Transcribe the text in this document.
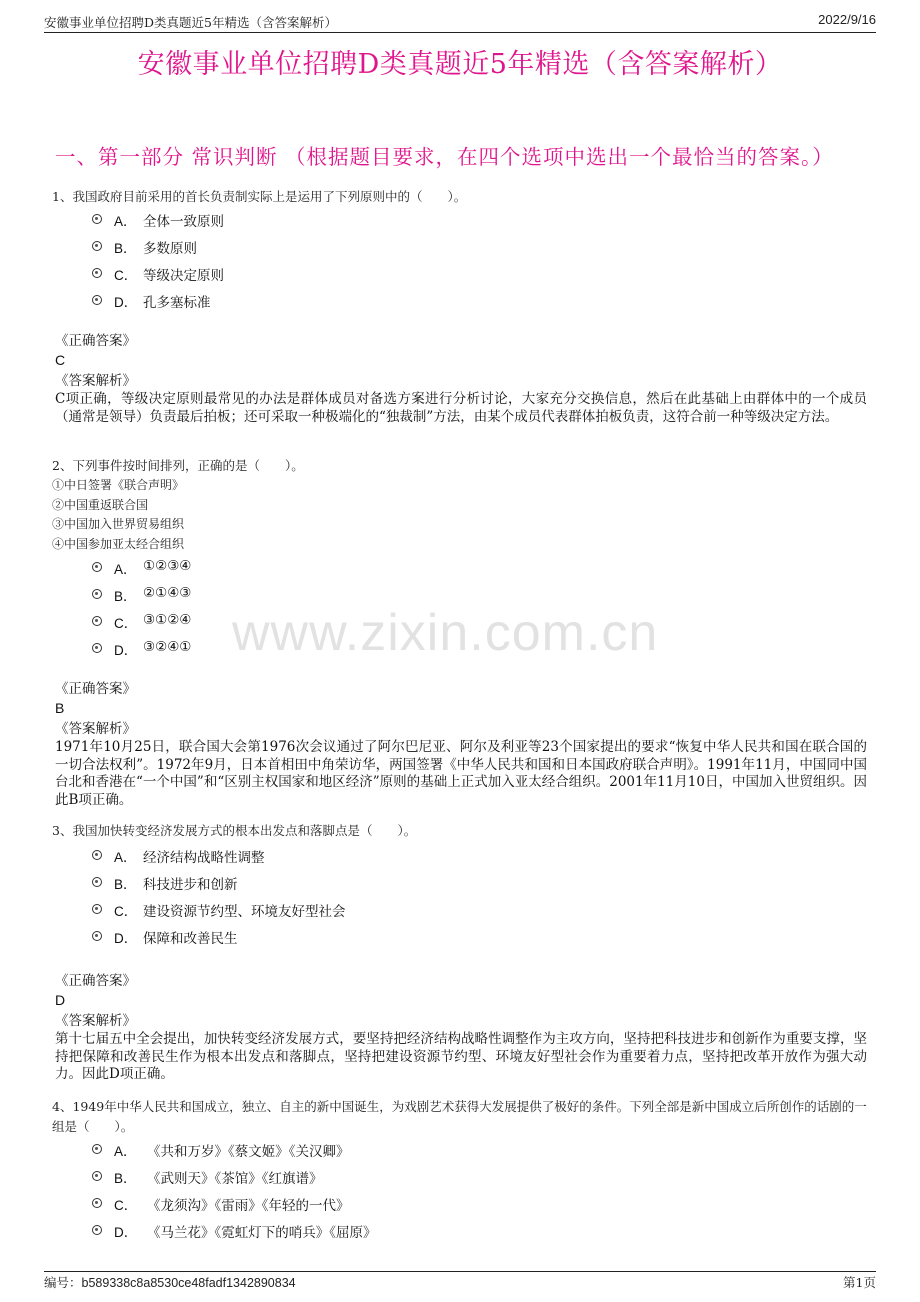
安徽事业单位招聘D类真题近5年精选（含答案解析）	2022/9/16
安徽事业单位招聘D类真题近5年精选（含答案解析）
一、第一部分 常识判断 （根据题目要求，在四个选项中选出一个最恰当的答案。）
www.zixin.com.cn
1、我国政府目前采用的首长负责制实际上是运用了下列原则中的（　　）。
A． 全体一致原则
B． 多数原则
C． 等级决定原则
D． 孔多塞标准
《正确答案》
C
《答案解析》
C项正确，等级决定原则最常见的办法是群体成员对备选方案进行分析讨论，大家充分交换信息，然后在此基础上由群体中的一个成员（通常是领导）负责最后拍板；还可采取一种极端化的“独裁制”方法，由某个成员代表群体拍板负责，这符合前一种等级决定方法。
2、下列事件按时间排列，正确的是（　　）。
①中日签署《联合声明》
②中国重返联合国
③中国加入世界贸易组织
④中国参加亚太经合组织
A． ①②③④
B． ②①④③
C． ③①②④
D． ③②④①
《正确答案》
B
《答案解析》
1971年10月25日，联合国大会第1976次会议通过了阿尔巴尼亚、阿尔及利亚等23个国家提出的要求“恢复中华人民共和国在联合国的一切合法权利”。1972年9月，日本首相田中角荣访华，两国签署《中华人民共和国和日本国政府联合声明》。1991年11月，中国同中国台北和香港在“一个中国”和“区别主权国家和地区经济”原则的基础上正式加入亚太经合组织。2001年11月10日，中国加入世贸组织。因此B项正确。
3、我国加快转变经济发展方式的根本出发点和落脚点是（　　）。
A． 经济结构战略性调整
B． 科技进步和创新
C． 建设资源节约型、环境友好型社会
D． 保障和改善民生
《正确答案》
D
《答案解析》
第十七届五中全会提出，加快转变经济发展方式，要坚持把经济结构战略性调整作为主攻方向，坚持把科技进步和创新作为重要支撑，坚持把保障和改善民生作为根本出发点和落脚点，坚持把建设资源节约型、环境友好型社会作为重要着力点，坚持把改革开放作为强大动力。因此D项正确。
4、1949年中华人民共和国成立，独立、自主的新中国诞生，为戏剧艺术获得大发展提供了极好的条件。下列全部是新中国成立后所创作的话剧的一组是（　　）。
A． 《共和万岁》《蔡文姬》《关汉卿》
B． 《武则天》《茶馆》《红旗谱》
C． 《龙须沟》《雷雨》《年轻的一代》
D． 《马兰花》《霓虹灯下的哨兵》《屈原》
编号：b589338c8a8530ce48fadf1342890834	第1页
